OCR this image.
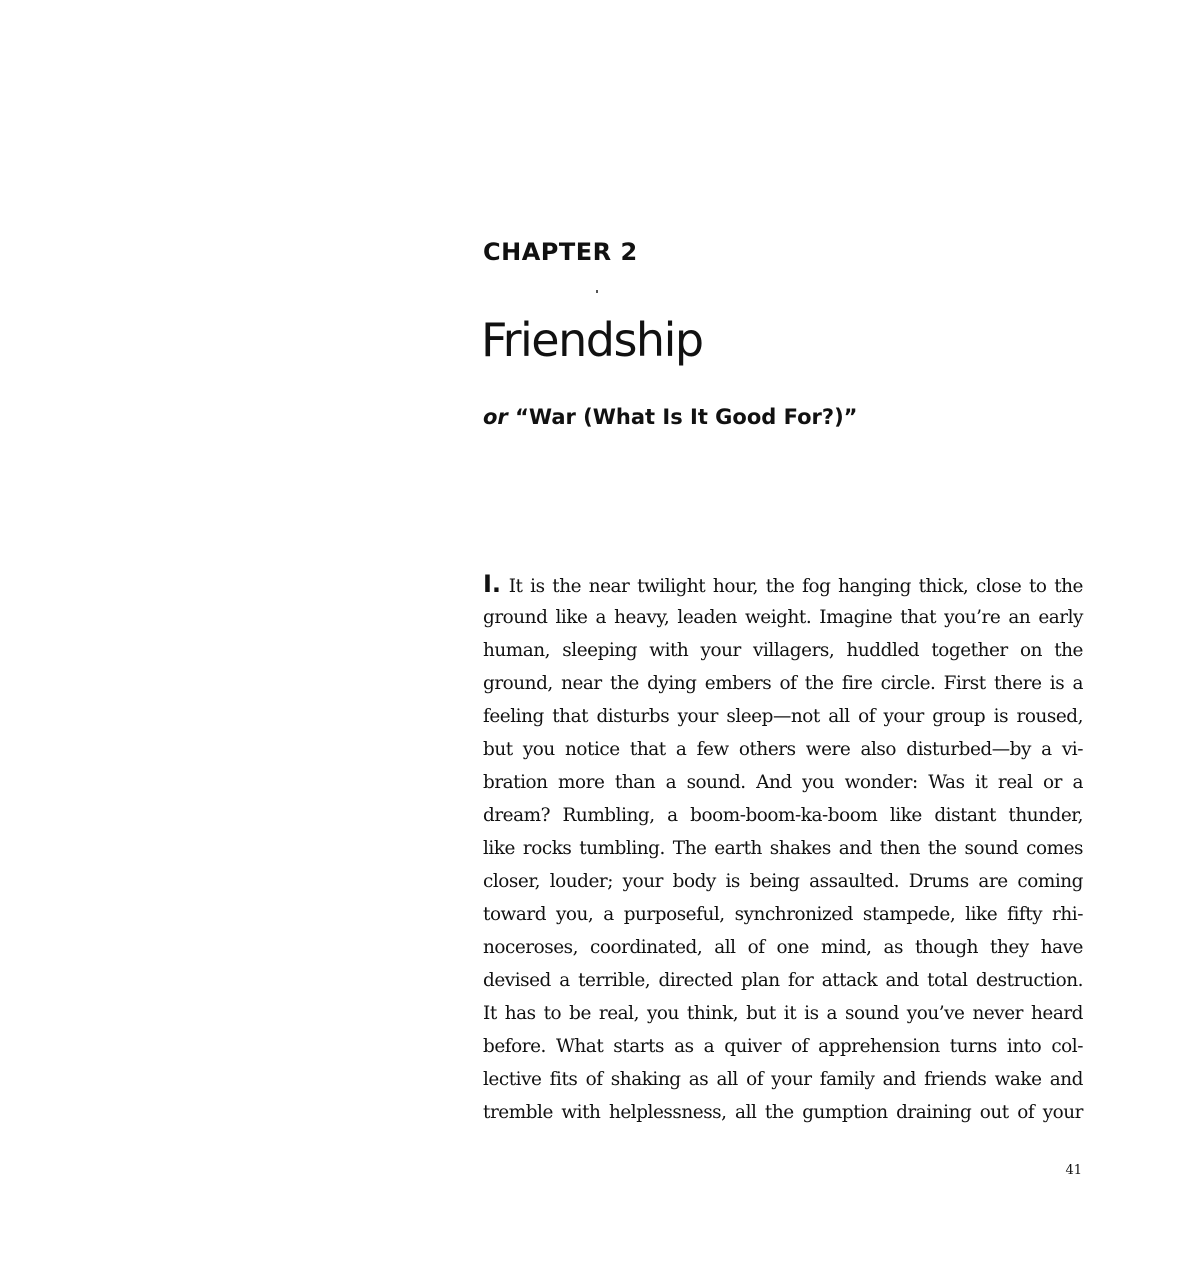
CHAPTER 2
Friendship

or “War (What Is It Good For?)”

I. It is the near twilight hour, the fog hanging thick, close to the
ground like a heavy, leaden weight. Imagine that you’re an early
human, sleeping with your villagers, huddled together on the
ground, near the dying embers of the fire circle. First there is a
feeling that disturbs your sleep—not all of your group is roused,
but you notice that a few others were also disturbed—by a vi-
bration more than a sound. And you wonder: Was it real or a
dream? Rumbling, a boom-boom-ka-boom like distant thunder,
like rocks tumbling. The earth shakes and then the sound comes
closer, louder; your body is being assaulted. Drums are coming
toward you, a purposeful, synchronized stampede, like fifty rhi-
noceroses, coordinated, all of one mind, as though they have
devised a terrible, directed plan for attack and total destruction.
It has to be real, you think, but it is a sound you’ve never heard
before. What starts as a quiver of apprehension turns into col-
lective fits of shaking as all of your family and friends wake and
tremble with helplessness, all the gumption draining out of your

41
